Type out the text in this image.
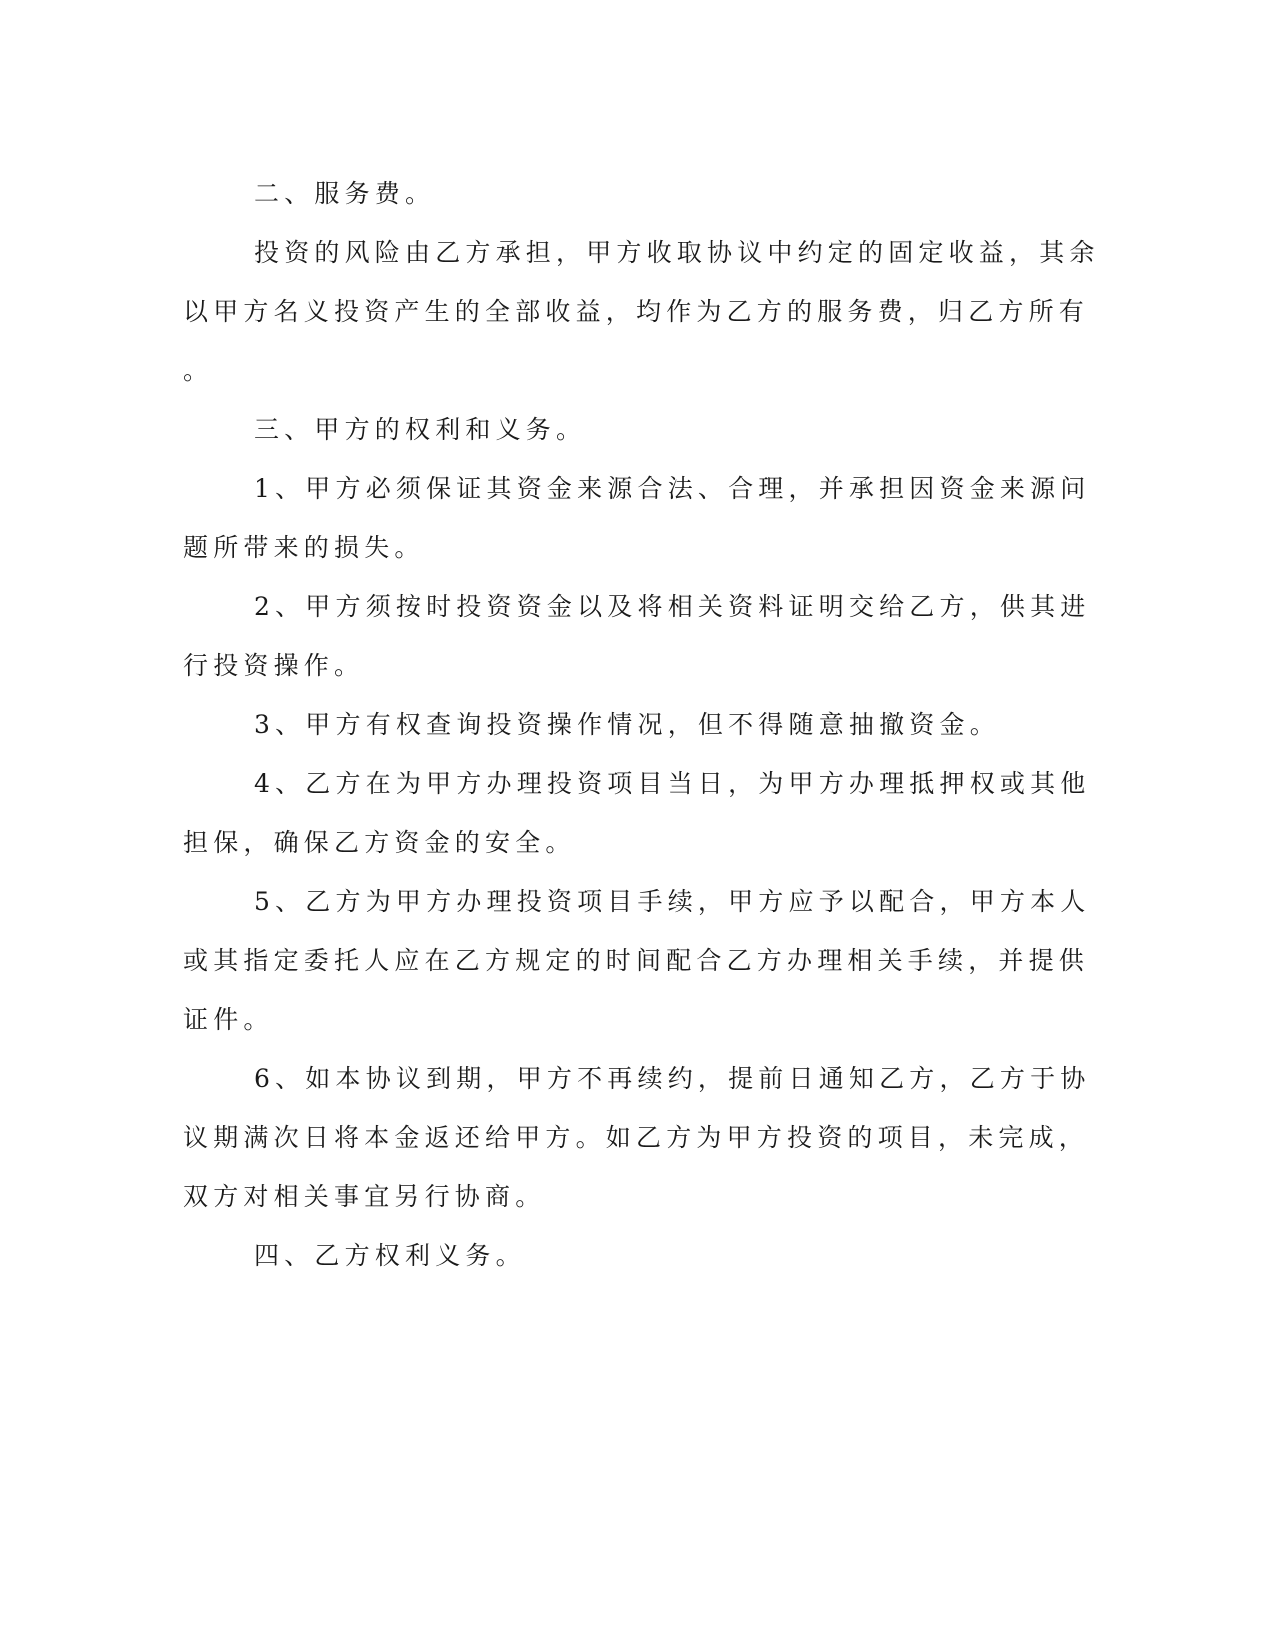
二、服务费。
投资的风险由乙方承担，甲方收取协议中约定的固定收益，其余
以甲方名义投资产生的全部收益，均作为乙方的服务费，归乙方所有
。
三、甲方的权利和义务。
1、甲方必须保证其资金来源合法、合理，并承担因资金来源问
题所带来的损失。
2、甲方须按时投资资金以及将相关资料证明交给乙方，供其进
行投资操作。
3、甲方有权查询投资操作情况，但不得随意抽撤资金。
4、乙方在为甲方办理投资项目当日，为甲方办理抵押权或其他
担保，确保乙方资金的安全。
5、乙方为甲方办理投资项目手续，甲方应予以配合，甲方本人
或其指定委托人应在乙方规定的时间配合乙方办理相关手续，并提供
证件。
6、如本协议到期，甲方不再续约，提前日通知乙方，乙方于协
议期满次日将本金返还给甲方。如乙方为甲方投资的项目，未完成，
双方对相关事宜另行协商。
四、乙方权利义务。
